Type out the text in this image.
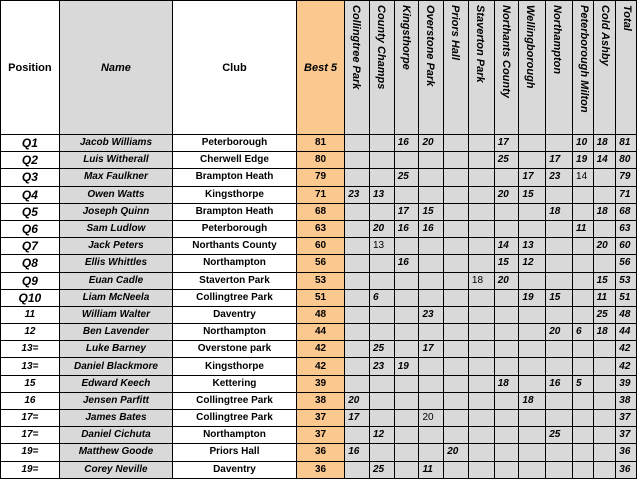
Position	Name	Club	Best 5	Collingtree Park	County Champs	Kingsthorpe	Overstone Park	Priors Hall	Staverton Park	Northants County	Wellingborough	Northampton	Peterborough Milton	Cold Ashby	Total

Q1	Jacob Williams	Peterborough	81			16	20			17			10	18	81
Q2	Luis Witherall	Cherwell Edge	80							25		17	19	14	80
Q3	Max Faulkner	Brampton Heath	79			25					17	23	14		79
Q4	Owen Watts	Kingsthorpe	71	23	13					20	15				71
Q5	Joseph Quinn	Brampton Heath	68			17	15					18		18	68
Q6	Sam Ludlow	Peterborough	63		20	16	16						11		63
Q7	Jack Peters	Northants County	60		13					14	13			20	60
Q8	Ellis Whittles	Northampton	56			16				15	12				56
Q9	Euan Cadle	Staverton Park	53						18	20				15	53
Q10	Liam McNeela	Collingtree Park	51		6						19	15		11	51
11	William Walter	Daventry	48				23							25	48
12	Ben Lavender	Northampton	44									20	6	18	44
13=	Luke Barney	Overstone park	42		25		17								42
13=	Daniel Blackmore	Kingsthorpe	42		23	19									42
15	Edward Keech	Kettering	39							18		16	5		39
16	Jensen Parfitt	Collingtree Park	38	20							18				38
17=	James Bates	Collingtree Park	37	17			20								37
17=	Daniel Cichuta	Northampton	37		12							25			37
19=	Matthew Goode	Priors Hall	36	16				20							36
19=	Corey Neville	Daventry	36		25		11								36
